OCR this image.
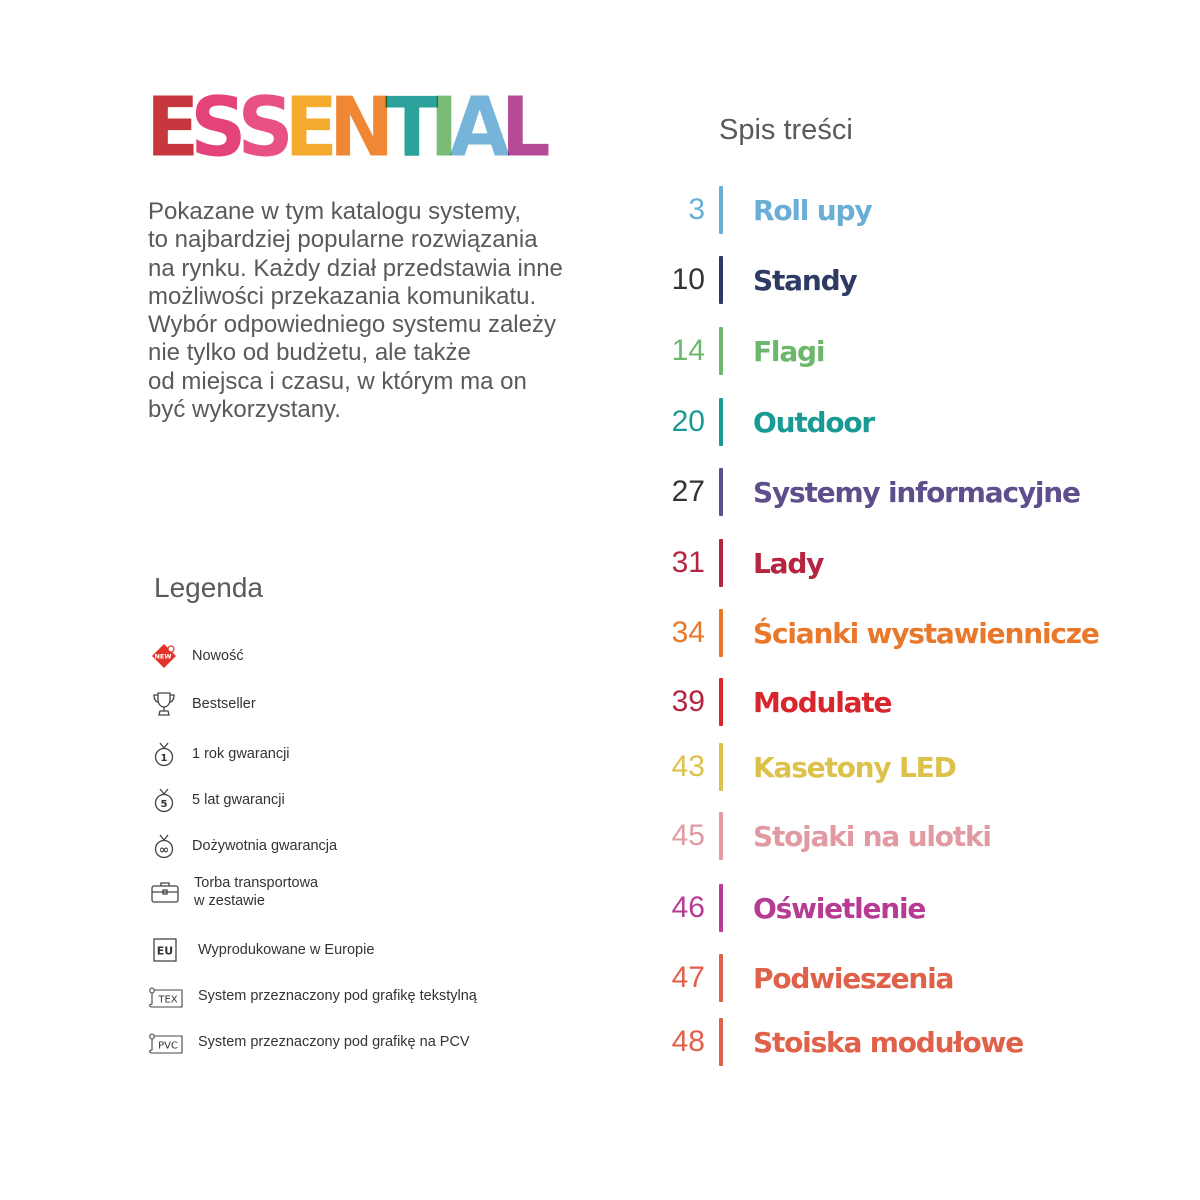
E S S E N T I A L

Pokazane w tym katalogu systemy,
to najbardziej popularne rozwiązania
na rynku. Każdy dział przedstawia inne
możliwości przekazania komunikatu.
Wybór odpowiedniego systemu zależy
nie tylko od budżetu, ale także
od miejsca i czasu, w którym ma on
być wykorzystany.

Legenda
NEW Nowość
Bestseller
1 1 rok gwarancji
5 5 lat gwarancji
∞ Dożywotnia gwarancja
Torba transportowa
w zestawie
EU Wyprodukowane w Europie
TEX System przeznaczony pod grafikę tekstylną
PVC System przeznaczony pod grafikę na PCV
Spis treści
3 Roll upy
10 Standy
14 Flagi
20 Outdoor
27 Systemy informacyjne
31 Lady
34 Ścianki wystawiennicze
39 Modulate
43 Kasetony LED
45 Stojaki na ulotki
46 Oświetlenie
47 Podwieszenia
48 Stoiska modułowe
